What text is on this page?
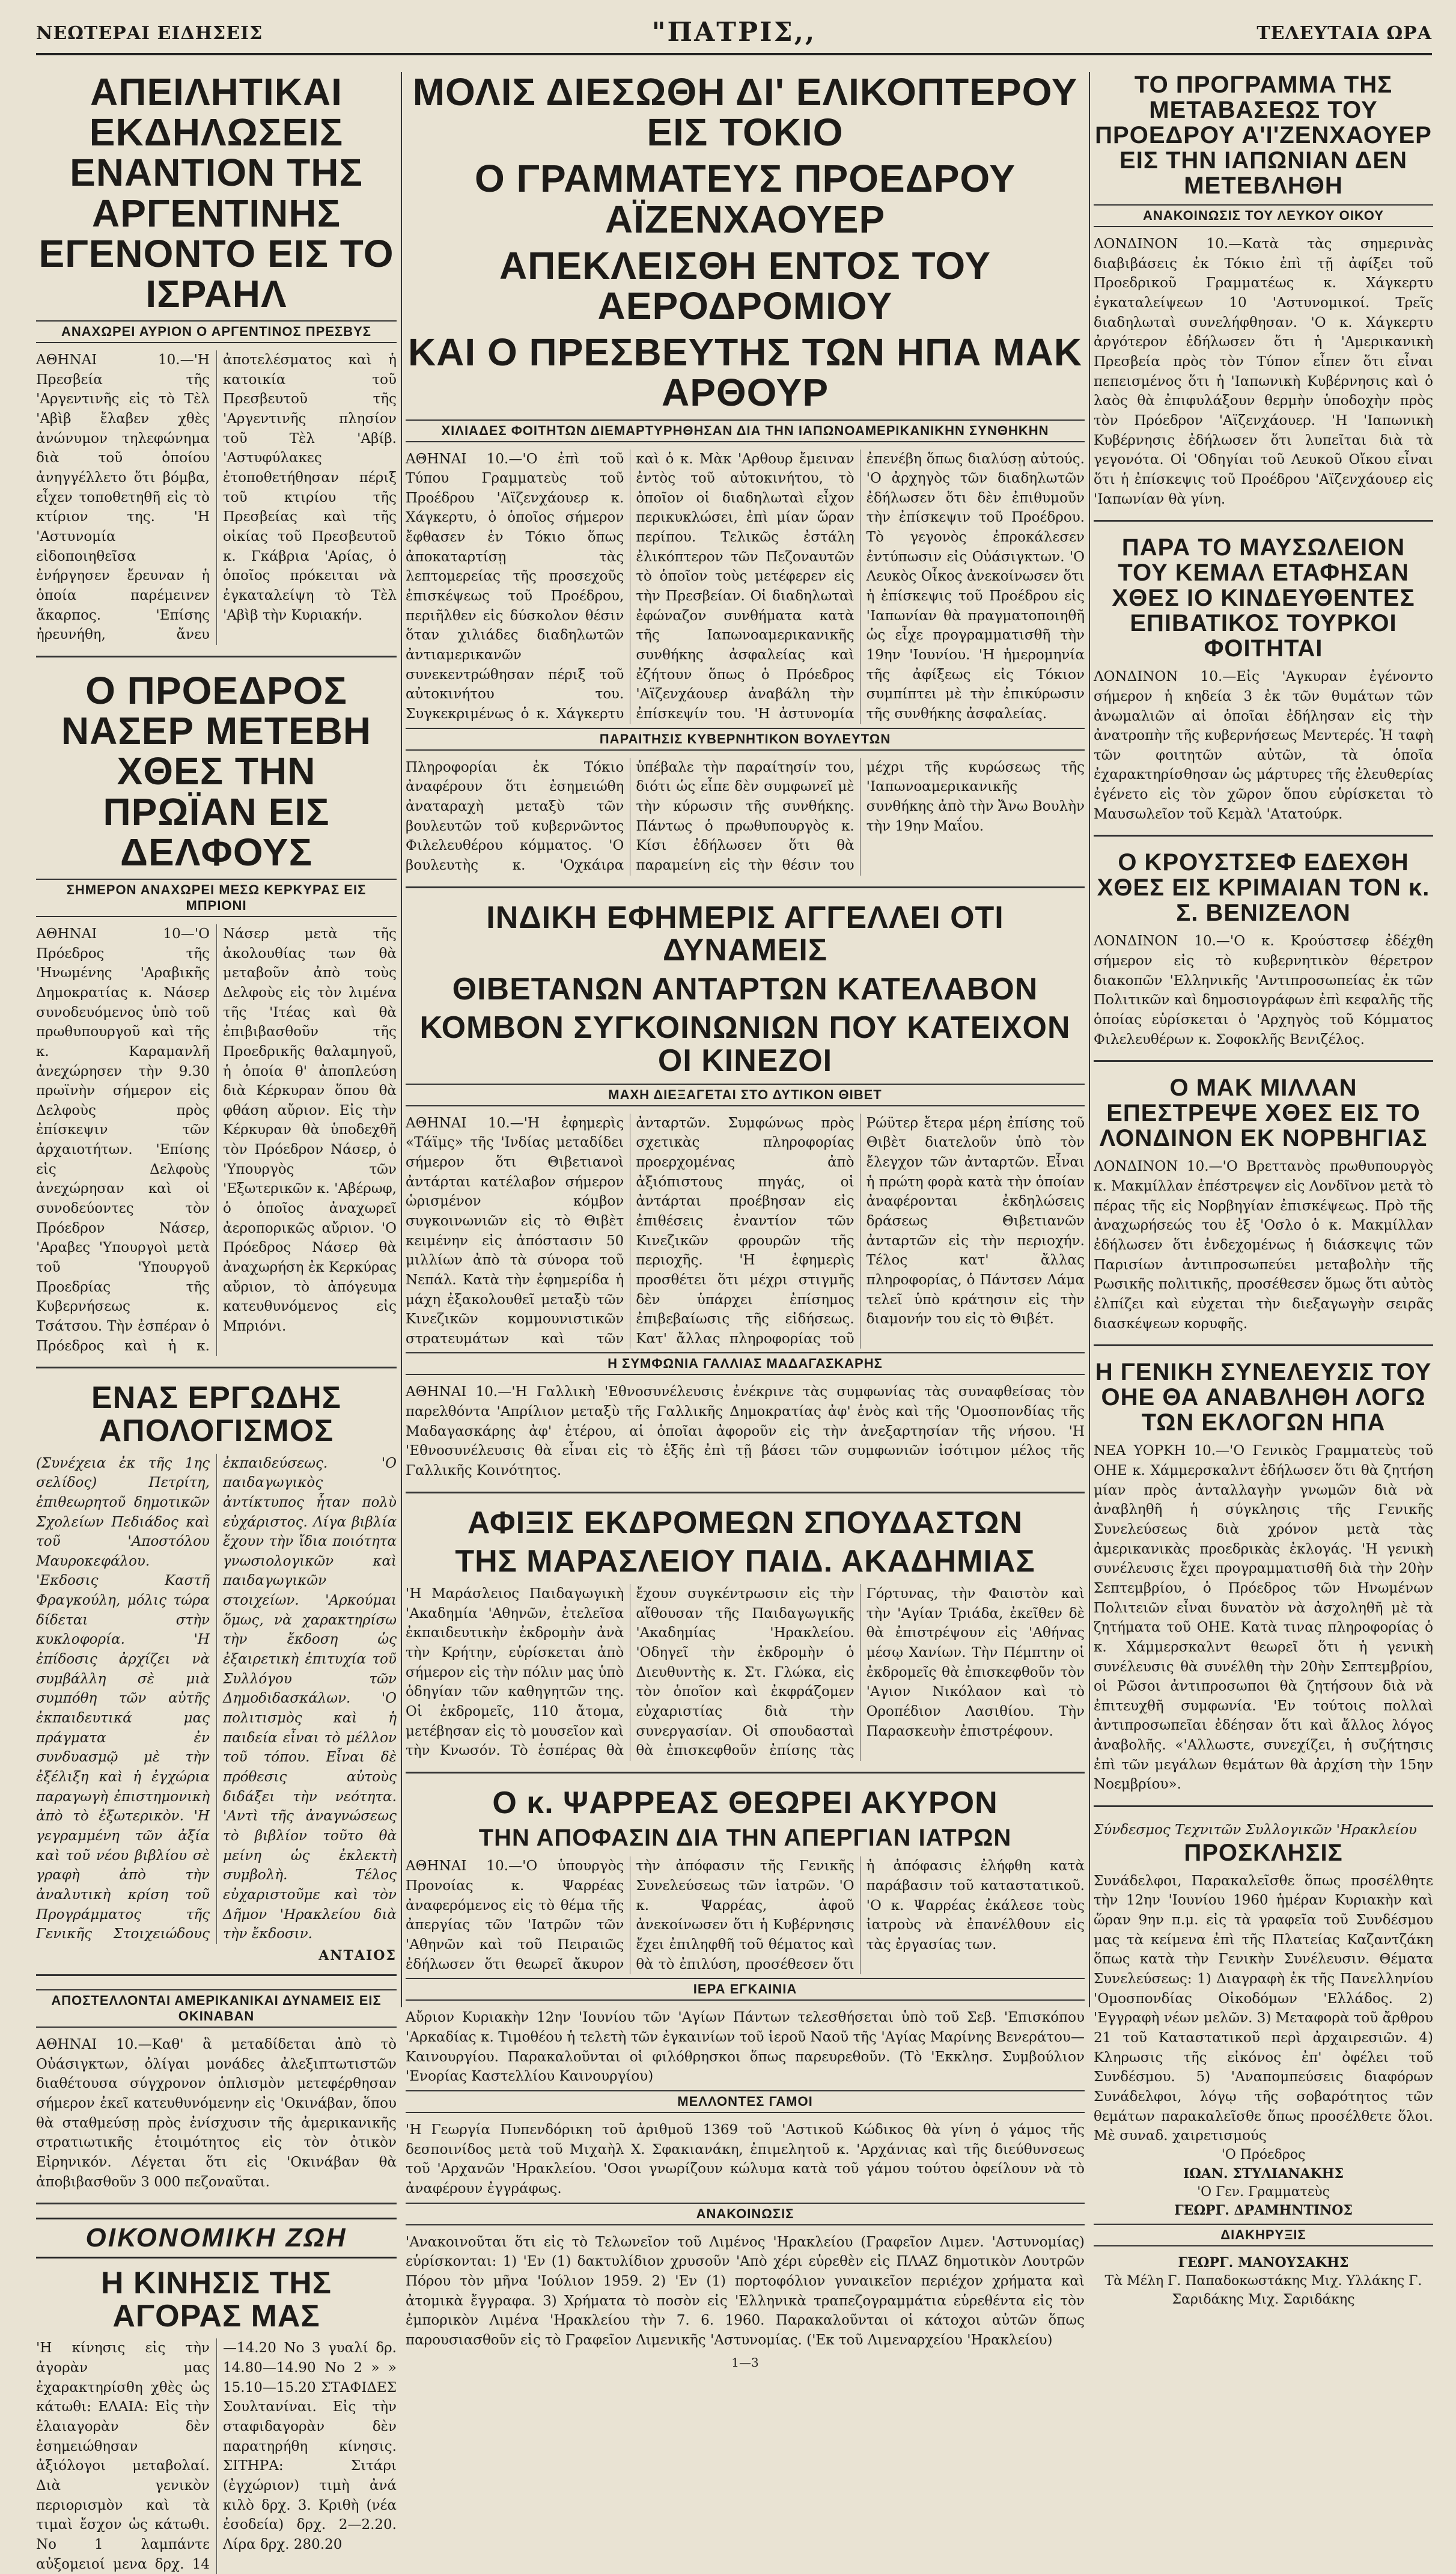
ΝΕΩΤΕΡΑΙ ΕΙΔΗΣΕΙΣ	"ΠΑΤΡΙΣ,,	ΤΕΛΕΥΤΑΙΑ ΩΡΑ
ΑΠΕΙΛΗΤΙΚΑΙ ΕΚΔΗΛΩΣΕΙΣ ΕΝΑΝΤΙΟΝ ΤΗΣ ΑΡΓΕΝΤΙΝΗΣ ΕΓΕΝΟΝΤΟ ΕΙΣ ΤΟ ΙΣΡΑΗΛ
ΑΝΑΧΩΡΕΙ ΑΥΡΙΟΝ Ο ΑΡΓΕΝΤΙΝΟΣ ΠΡΕΣΒΥΣ
ΑΘΗΝΑΙ 10.—'Η Πρεσβεία τῆς 'Αργεντινῆς εἰς τὸ Τὲλ 'Αβὶβ ἔλαβεν χθὲς ἀνώνυμον τηλεφώνημα διὰ τοῦ ὁποίου ἀνηγγέλλετο ὅτι βόμβα, εἶχεν τοποθετηθῆ εἰς τὸ κτίριον της. 'Η 'Αστυνομία εἰδοποιηθεῖσα ἐνήργησεν ἔρευναν ἡ ὁποία παρέμεινεν ἄκαρπος. 'Επίσης ἠρευνήθη, ἄνευ ἀποτελέσματος καὶ ἡ κατοικία τοῦ Πρεσβευτοῦ τῆς 'Αργεντινῆς πλησίον τοῦ Τὲλ 'Αβίβ. 'Αστυφύλακες ἐτοποθετήθησαν πέριξ τοῦ κτιρίου τῆς Πρεσβείας καὶ τῆς οἰκίας τοῦ Πρεσβευτοῦ κ. Γκάβρια 'Αρίας, ὁ ὁποῖος πρόκειται νὰ ἐγκαταλείψη τὸ Τὲλ 'Αβὶβ τὴν Κυριακήν.
Ο ΠΡΟΕΔΡΟΣ ΝΑΣΕΡ ΜΕΤΕΒΗ ΧΘΕΣ ΤΗΝ ΠΡΩΪΑΝ ΕΙΣ ΔΕΛΦΟΥΣ
ΣΗΜΕΡΟΝ ΑΝΑΧΩΡΕΙ ΜΕΣΩ ΚΕΡΚΥΡΑΣ ΕΙΣ ΜΠΡΙΟΝΙ
ΑΘΗΝΑΙ 10—'Ο Πρόεδρος τῆς 'Ηνωμένης 'Αραβικῆς Δημοκρατίας κ. Νάσερ συνοδευόμενος ὑπὸ τοῦ πρωθυπουργοῦ καὶ τῆς κ. Καραμανλῆ ἀνεχώρησεν τὴν 9.30 πρωϊνὴν σήμερον εἰς Δελφοὺς πρὸς ἐπίσκεψιν τῶν ἀρχαιοτήτων. 'Επίσης εἰς Δελφοὺς ἀνεχώρησαν καὶ οἱ συνοδεύοντες τὸν Πρόεδρον Νάσερ, 'Αραβες 'Υπουργοὶ μετὰ τοῦ 'Υπουργοῦ Προεδρίας τῆς Κυβερνήσεως κ. Τσάτσου. Τὴν ἐσπέραν ὁ Πρόεδρος καὶ ἡ κ. Νάσερ μετὰ τῆς ἀκολουθίας των θὰ μεταβοῦν ἀπὸ τοὺς Δελφοὺς εἰς τὸν λιμένα τῆς 'Ιτέας καὶ θὰ ἐπιβιβασθοῦν τῆς Προεδρικῆς θαλαμηγοῦ, ἡ ὁποία θ' ἀποπλεύση διὰ Κέρκυραν ὅπου θὰ φθάση αὔριον. Εἰς τὴν Κέρκυραν θὰ ὑποδεχθῆ τὸν Πρόεδρον Νάσερ, ὁ 'Υπουργὸς τῶν 'Εξωτερικῶν κ. 'Αβέρωφ, ὁ ὁποῖος ἀναχωρεῖ ἀεροπορικῶς αὔριον. 'Ο Πρόεδρος Νάσερ θὰ ἀναχωρήση ἐκ Κερκύρας αὔριον, τὸ ἀπόγευμα κατευθυνόμενος εἰς Μπριόνι.
ΕΝΑΣ ΕΡΓΩΔΗΣ ΑΠΟΛΟΓΙΣΜΟΣ
(Συνέχεια ἐκ τῆς 1ης σελίδος) Πετρίτη, ἐπιθεωρητοῦ δημοτικῶν Σχολείων Πεδιάδος καὶ τοῦ 'Αποστόλου Μαυροκεφάλου. 'Εκδοσις Καστῆ Φραγκούλη, μόλις τώρα δίδεται στὴν κυκλοφορία. 'Η ἐπίδοσις ἀρχίζει νὰ συμβάλλη σὲ μιὰ συμπόθη τῶν αὐτῆς ἐκπαιδευτικά μας πράγματα ἐν συνδυασμῷ μὲ τὴν ἐξέλιξη καὶ ἡ ἐγχώρια παραγωγὴ ἐπιστημονικὴ ἀπὸ τὸ ἐξωτερικὸν. 'Η γεγραμμένη τῶν ἀξία καὶ τοῦ νέου βιβλίου σὲ γραφὴ ἀπὸ τὴν ἀναλυτικὴ κρίση τοῦ Προγράμματος τῆς Γενικῆς Στοιχειώδους ἐκπαιδεύσεως. 'Ο παιδαγωγικὸς ἀντίκτυπος ἦταν πολὺ εὐχάριστος. Λίγα βιβλία ἔχουν τὴν ἴδια ποιότητα γνωσιολογικῶν καὶ παιδαγωγικῶν στοιχείων. 'Αρκούμαι ὅμως, νὰ χαρακτηρίσω τὴν ἔκδοση ὡς ἐξαιρετικὴ ἐπιτυχία τοῦ Συλλόγου τῶν Δημοδιδασκάλων. 'Ο πολιτισμὸς καὶ ἡ παιδεία εἶναι τὸ μέλλον τοῦ τόπου. Εἶναι δὲ πρόθεσις αὐτοὺς διδάξει τὴν νεότητα. 'Αντὶ τῆς ἀναγνώσεως τὸ βιβλίον τοῦτο θὰ μείνη ὡς ἐκλεκτὴ συμβολὴ. Τέλος εὐχαριστοῦμε καὶ τὸν Δῆμον 'Ηρακλείου διὰ τὴν ἔκδοσιν.
ΑΝΤΑΙΟΣ
ΑΠΟΣΤΕΛΛΟΝΤΑΙ ΑΜΕΡΙΚΑΝΙΚΑΙ ΔΥΝΑΜΕΙΣ ΕΙΣ ΟΚΙΝΑΒΑΝ
ΑΘΗΝΑΙ 10.—Καθ' ἃ μεταδίδεται ἀπὸ τὸ Οὐάσιγκτων, ὀλίγαι μονάδες ἀλεξιπτωτιστῶν διαθέτουσα σύγχρονον ὁπλισμὸν μετεφέρθησαν σήμερον ἐκεῖ κατευθυνόμενην εἰς 'Οκινάβαν, ὅπου θὰ σταθμεύσῃ πρὸς ἐνίσχυσιν τῆς ἀμερικανικῆς στρατιωτικῆς ἑτοιμότητος εἰς τὸν ὀτικὸν Εἰρηνικόν. Λέγεται ὅτι εἰς 'Οκινάβαν θὰ ἀποβιβασθοῦν 3 000 πεζοναῦται.
ΟΙΚΟΝΟΜΙΚΗ ΖΩΗ
Η ΚΙΝΗΣΙΣ ΤΗΣ ΑΓΟΡΑΣ ΜΑΣ
'Η κίνησις εἰς τὴν ἀγορὰν μας ἐχαρακτηρίσθη χθὲς ὡς κάτωθι: ΕΛΑΙΑ: Εἰς τὴν ἐλαιαγορὰν δὲν ἐσημειώθησαν ἀξιόλογοι μεταβολαί. Διὰ γενικὸν περιορισμὸν καὶ τὰ τιμαὶ ἔσχον ὡς κάτωθι. Νο 1 λαμπάντε αὐξομειοί μενα δρχ. 14—14.20 Νο 3 γυαλί δρ. 14.80—14.90 Νο 2 » » 15.10—15.20 ΣΤΑΦΙΔΕΣ Σουλτανίναι. Εἰς τὴν σταφιδαγορὰν δὲν παρατηρήθη κίνησις. ΣΙΤΗΡΑ: Σιτάρι (ἐγχώριον) τιμὴ ἀνά κιλὸ δρχ. 3. Κριθὴ (νέα ἐσοδεία) δρχ. 2—2.20. Λίρα δρχ. 280.20
ΜΟΛΙΣ ΔΙΕΣΩΘΗ ΔΙ' ΕΛΙΚΟΠΤΕΡΟΥ ΕΙΣ ΤΟΚΙΟ
Ο ΓΡΑΜΜΑΤΕΥΣ ΠΡΟΕΔΡΟΥ ΑΪΖΕΝΧΑΟΥΕΡ
ΑΠΕΚΛΕΙΣΘΗ ΕΝΤΟΣ ΤΟΥ ΑΕΡΟΔΡΟΜΙΟΥ
ΚΑΙ Ο ΠΡΕΣΒΕΥΤΗΣ ΤΩΝ ΗΠΑ ΜΑΚ ΑΡΘΟΥΡ
ΧΙΛΙΑΔΕΣ ΦΟΙΤΗΤΩΝ ΔΙΕΜΑΡΤΥΡΗΘΗΣΑΝ ΔΙΑ ΤΗΝ ΙΑΠΩΝΟΑΜΕΡΙΚΑΝΙΚΗΝ ΣΥΝΘΗΚΗΝ
ΑΘΗΝΑΙ 10.—'Ο ἐπὶ τοῦ Τύπου Γραμματεὺς τοῦ Προέδρου 'Αϊζενχάουερ κ. Χάγκερτυ, ὁ ὁποῖος σήμερον ἔφθασεν ἐν Τόκιο ὅπως ἀποκαταρτίσῃ τὰς λεπτομερείας τῆς προσεχοῦς ἐπισκέψεως τοῦ Προέδρου, περιῆλθεν εἰς δύσκολον θέσιν ὅταν χιλιάδες διαδηλωτῶν ἀντιαμερικανῶν συνεκεντρώθησαν πέριξ τοῦ αὐτοκινήτου του. Συγκεκριμένως ὁ κ. Χάγκερτυ καὶ ὁ κ. Μὰκ 'Αρθουρ ἔμειναν ἐντὸς τοῦ αὐτοκινήτου, τὸ ὁποῖον οἱ διαδηλωταὶ εἶχον περικυκλώσει, ἐπὶ μίαν ὥραν περίπου. Τελικῶς ἐστάλη ἐλικόπτερον τῶν Πεζοναυτῶν τὸ ὁποῖον τοὺς μετέφερεν εἰς τὴν Πρεσβείαν. Οἱ διαδηλωταὶ ἐφώναζον συνθήματα κατὰ τῆς Ιαπωνοαμερικανικῆς συνθήκης ἀσφαλείας καὶ ἐζήτουν ὅπως ὁ Πρόεδρος 'Αϊζενχάουερ ἀναβάλη τὴν ἐπίσκεψίν του. 'Η ἀστυνομία ἐπενέβη ὅπως διαλύσῃ αὐτούς. 'Ο ἀρχηγὸς τῶν διαδηλωτῶν ἐδήλωσεν ὅτι δὲν ἐπιθυμοῦν τὴν ἐπίσκεψιν τοῦ Προέδρου. Τὸ γεγονὸς ἐπροκάλεσεν ἐντύπωσιν εἰς Οὐάσιγκτων. 'Ο Λευκὸς Οἶκος ἀνεκοίνωσεν ὅτι ἡ ἐπίσκεψις τοῦ Προέδρου εἰς 'Ιαπωνίαν θὰ πραγματοποιηθῆ ὡς εἶχε προγραμματισθῆ τὴν 19ην 'Ιουνίου. 'Η ἡμερομηνία τῆς ἀφίξεως εἰς Τόκιον συμπίπτει μὲ τὴν ἐπικύρωσιν τῆς συνθήκης ἀσφαλείας.
ΠΑΡΑΙΤΗΣΙΣ ΚΥΒΕΡΝΗΤΙΚΟΝ ΒΟΥΛΕΥΤΩΝ
Πληροφορίαι ἐκ Τόκιο ἀναφέρουν ὅτι ἐσημειώθη ἀναταραχὴ μεταξὺ τῶν βουλευτῶν τοῦ κυβερνῶντος Φιλελευθέρου κόμματος. 'Ο βουλευτὴς κ. 'Οχκάιρα ὑπέβαλε τὴν παραίτησίν του, διότι ὡς εἶπε δὲν συμφωνεῖ μὲ τὴν κύρωσιν τῆς συνθήκης. Πάντως ὁ πρωθυπουργὸς κ. Κίσι ἐδήλωσεν ὅτι θὰ παραμείνη εἰς τὴν θέσιν του μέχρι τῆς κυρώσεως τῆς 'Ιαπωνοαμερικανικῆς συνθήκης ἀπὸ τὴν Ἄνω Βουλὴν τὴν 19ην Μαΐου.
ΙΝΔΙΚΗ ΕΦΗΜΕΡΙΣ ΑΓΓΕΛΛΕΙ ΟΤΙ ΔΥΝΑΜΕΙΣ
ΘΙΒΕΤΑΝΩΝ ΑΝΤΑΡΤΩΝ ΚΑΤΕΛΑΒΟΝ
ΚΟΜΒΟΝ ΣΥΓΚΟΙΝΩΝΙΩΝ ΠΟΥ ΚΑΤΕΙΧΟΝ ΟΙ ΚΙΝΕΖΟΙ
ΜΑΧΗ ΔΙΕΞΑΓΕΤΑΙ ΣΤΟ ΔΥΤΙΚΟΝ ΘΙΒΕΤ
ΑΘΗΝΑΙ 10.—'Η ἐφημερὶς «Τάϊμς» τῆς 'Ινδίας μεταδίδει σήμερον ὅτι Θιβετιανοὶ ἀντάρται κατέλαβον σήμερον ὡρισμένον κόμβον συγκοινωνιῶν εἰς τὸ Θιβὲτ κειμένην εἰς ἀπόστασιν 50 μιλλίων ἀπὸ τὰ σύνορα τοῦ Νεπάλ. Κατὰ τὴν ἐφημερίδα ἡ μάχη ἐξακολουθεῖ μεταξὺ τῶν Κινεζικῶν κομμουνιστικῶν στρατευμάτων καὶ τῶν ἀνταρτῶν. Συμφώνως πρὸς σχετικὰς πληροφορίας προερχομένας ἀπὸ ἀξιόπιστους πηγάς, οἱ ἀντάρται προέβησαν εἰς ἐπιθέσεις ἐναντίον τῶν Κινεζικῶν φρουρῶν τῆς περιοχῆς. 'Η ἐφημερὶς προσθέτει ὅτι μέχρι στιγμῆς δὲν ὑπάρχει ἐπίσημος ἐπιβεβαίωσις τῆς εἰδήσεως. Κατ' ἄλλας πληροφορίας τοῦ Ρώϋτερ ἔτερα μέρη ἐπίσης τοῦ Θιβὲτ διατελοῦν ὑπὸ τὸν ἔλεγχον τῶν ἀνταρτῶν. Εἶναι ἡ πρώτη φορὰ κατὰ τὴν ὁποίαν ἀναφέρονται ἐκδηλώσεις δράσεως Θιβετιανῶν ἀνταρτῶν εἰς τὴν περιοχήν. Τέλος κατ' ἄλλας πληροφορίας, ὁ Πάντσεν Λάμα τελεῖ ὑπὸ κράτησιν εἰς τὴν διαμονήν του εἰς τὸ Θιβέτ.
Η ΣΥΜΦΩΝΙΑ ΓΑΛΛΙΑΣ ΜΑΔΑΓΑΣΚΑΡΗΣ
ΑΘΗΝΑΙ 10.—'Η Γαλλικὴ 'Εθνοσυνέλευσις ἐνέκρινε τὰς συμφωνίας τὰς συναφθείσας τὸν παρελθόντα 'Απρίλιον μεταξὺ τῆς Γαλλικῆς Δημοκρατίας ἀφ' ἑνὸς καὶ τῆς 'Ομοσπονδίας τῆς Μαδαγασκάρης ἀφ' ἑτέρου, αἱ ὁποῖαι ἀφοροῦν εἰς τὴν ἀνεξαρτησίαν τῆς νήσου. 'Η 'Εθνοσυνέλευσις θὰ εἶναι εἰς τὸ ἑξῆς ἐπὶ τῇ βάσει τῶν συμφωνιῶν ἰσότιμον μέλος τῆς Γαλλικῆς Κοινότητος.
ΑΦΙΞΙΣ ΕΚΔΡΟΜΕΩΝ ΣΠΟΥΔΑΣΤΩΝ
ΤΗΣ ΜΑΡΑΣΛΕΙΟΥ ΠΑΙΔ. ΑΚΑΔΗΜΙΑΣ
'Η Μαράσλειος Παιδαγωγικὴ 'Ακαδημία 'Αθηνῶν, ἐτελεῖσα ἐκπαιδευτικὴν ἐκδρομὴν ἀνὰ τὴν Κρήτην, εὑρίσκεται ἀπὸ σήμερον εἰς τὴν πόλιν μας ὑπὸ ὁδηγίαν τῶν καθηγητῶν της. Οἱ ἐκδρομεῖς, 110 ἄτομα, μετέβησαν εἰς τὸ μουσεῖον καὶ τὴν Κνωσόν. Τὸ ἑσπέρας θὰ ἔχουν συγκέντρωσιν εἰς τὴν αἴθουσαν τῆς Παιδαγωγικῆς 'Ακαδημίας 'Ηρακλείου. 'Οδηγεῖ τὴν ἐκδρομὴν ὁ Διευθυντὴς κ. Στ. Γλώκα, εἰς τὸν ὁποῖον καὶ ἐκφράζομεν εὐχαριστίας διὰ τὴν συνεργασίαν. Οἱ σπουδασταὶ θὰ ἐπισκεφθοῦν ἐπίσης τὰς Γόρτυνας, τὴν Φαιστὸν καὶ τὴν 'Αγίαν Τριάδα, ἐκεῖθεν δὲ θὰ ἐπιστρέψουν εἰς 'Αθήνας μέσῳ Χανίων. Τὴν Πέμπτην οἱ ἐκδρομεῖς θὰ ἐπισκεφθοῦν τὸν 'Αγιον Νικόλαον καὶ τὸ Οροπέδιον Λασιθίου. Τὴν Παρασκευὴν ἐπιστρέφουν.
Ο κ. ΨΑΡΡΕΑΣ ΘΕΩΡΕΙ ΑΚΥΡΟΝ
ΤΗΝ ΑΠΟΦΑΣΙΝ ΔΙΑ ΤΗΝ ΑΠΕΡΓΙΑΝ ΙΑΤΡΩΝ
ΑΘΗΝΑΙ 10.—'Ο ὑπουργὸς Προνοίας κ. Ψαρρέας ἀναφερόμενος εἰς τὸ θέμα τῆς ἀπεργίας τῶν 'Ιατρῶν τῶν 'Αθηνῶν καὶ τοῦ Πειραιῶς ἐδήλωσεν ὅτι θεωρεῖ ἄκυρον τὴν ἀπόφασιν τῆς Γενικῆς Συνελεύσεως τῶν ἰατρῶν. 'Ο κ. Ψαρρέας, ἀφοῦ ἀνεκοίνωσεν ὅτι ἡ Κυβέρνησις ἔχει ἐπιληφθῆ τοῦ θέματος καὶ θὰ τὸ ἐπιλύση, προσέθεσεν ὅτι ἡ ἀπόφασις ἐλήφθη κατὰ παράβασιν τοῦ καταστατικοῦ. 'Ο κ. Ψαρρέας ἐκάλεσε τοὺς ἰατροὺς νὰ ἐπανέλθουν εἰς τὰς ἐργασίας των.
ΙΕΡΑ ΕΓΚΑΙΝΙΑ
Αὔριον Κυριακὴν 12ην 'Ιουνίου τῶν 'Αγίων Πάντων τελεσθήσεται ὑπὸ τοῦ Σεβ. 'Επισκόπου 'Αρκαδίας κ. Τιμοθέου ἡ τελετὴ τῶν ἐγκαινίων τοῦ ἱεροῦ Ναοῦ τῆς 'Αγίας Μαρίνης Βενεράτου—Καινουργίου. Παρακαλοῦνται οἱ φιλόθρησκοι ὅπως παρευρεθοῦν. (Τὸ 'Εκκλησ. Συμβούλιον 'Ενορίας Καστελλίου Καινουργίου)
ΜΕΛΛΟΝΤΕΣ ΓΑΜΟΙ
'Η Γεωργία Πυπενδόρικη τοῦ ἀριθμοῦ 1369 τοῦ 'Αστικοῦ Κώδικος θὰ γίνη ὁ γάμος τῆς δεσποινίδος μετὰ τοῦ Μιχαὴλ Χ. Σφακιανάκη, ἐπιμελητοῦ κ. 'Αρχάνιας καὶ τῆς διεύθυνσεως τοῦ 'Αρχανῶν 'Ηρακλείου. 'Οσοι γνωρίζουν κώλυμα κατὰ τοῦ γάμου τούτου ὀφείλουν νὰ τὸ ἀναφέρουν ἐγγράφως.
ΑΝΑΚΟΙΝΩΣΙΣ
'Ανακοινοῦται ὅτι εἰς τὸ Τελωνεῖον τοῦ Λιμένος 'Ηρακλείου (Γραφεῖον Λιμεν. 'Αστυνομίας) εὑρίσκονται: 1) 'Εν (1) δακτυλίδιον χρυσοῦν 'Απὸ χέρι εὑρεθὲν εἰς ΠΛΑΖ δημοτικὸν Λουτρῶν Πόρου τὸν μῆνα 'Ιούλιον 1959. 2) 'Εν (1) πορτοφόλιον γυναικεῖον περιέχον χρήματα καὶ ἀτομικὰ ἔγγραφα. 3) Χρήματα τὸ ποσὸν εἰς 'Ελληνικὰ τραπεζογραμμάτια εὑρεθέντα εἰς τὸν ἐμπορικὸν Λιμένα 'Ηρακλείου τὴν 7. 6. 1960. Παρακαλοῦνται οἱ κάτοχοι αὐτῶν ὅπως παρουσιασθοῦν εἰς τὸ Γραφεῖον Λιμενικῆς 'Αστυνομίας. ('Εκ τοῦ Λιμεναρχείου 'Ηρακλείου)
1—3
ΤΟ ΠΡΟΓΡΑΜΜΑ ΤΗΣ ΜΕΤΑΒΑΣΕΩΣ ΤΟΥ ΠΡΟΕΔΡΟΥ Α'Ι'ΖΕΝΧΑΟΥΕΡ ΕΙΣ ΤΗΝ ΙΑΠΩΝΙΑΝ ΔΕΝ ΜΕΤΕΒΛΗΘΗ
ΑΝΑΚΟΙΝΩΣΙΣ ΤΟΥ ΛΕΥΚΟΥ ΟΙΚΟΥ
ΛΟΝΔΙΝΟΝ 10.—Κατὰ τὰς σημερινὰς διαβιβάσεις ἐκ Τόκιο ἐπὶ τῇ ἀφίξει τοῦ Προεδρικοῦ Γραμματέως κ. Χάγκερτυ ἐγκαταλείψεων 10 'Αστυνομικοί. Τρεῖς διαδηλωταὶ συνελήφθησαν. 'Ο κ. Χάγκερτυ ἀργότερον ἐδήλωσεν ὅτι ἡ 'Αμερικανικὴ Πρεσβεία πρὸς τὸν Τύπον εἶπεν ὅτι εἶναι πεπεισμένος ὅτι ἡ 'Ιαπωνικὴ Κυβέρνησις καὶ ὁ λαὸς θὰ ἐπιφυλάξουν θερμὴν ὑποδοχὴν πρὸς τὸν Πρόεδρον 'Αϊζενχάουερ. 'Η 'Ιαπωνικὴ Κυβέρνησις ἐδήλωσεν ὅτι λυπεῖται διὰ τὰ γεγονότα. Οἱ 'Οδηγίαι τοῦ Λευκοῦ Οἴκου εἶναι ὅτι ἡ ἐπίσκεψις τοῦ Προέδρου 'Αϊζενχάουερ εἰς 'Ιαπωνίαν θὰ γίνη.
ΠΑΡΑ ΤΟ ΜΑΥΣΩΛΕΙΟΝ ΤΟΥ ΚΕΜΑΛ ΕΤΑΦΗΣΑΝ ΧΘΕΣ ΙΟ ΚΙΝΔΕΥΘΕΝΤΕΣ ΕΠΙΒΑΤΙΚΟΣ ΤΟΥΡΚΟΙ ΦΟΙΤΗΤΑΙ
ΛΟΝΔΙΝΟΝ 10.—Εἰς 'Αγκυραν ἐγένοντο σήμερον ἡ κηδεία 3 ἐκ τῶν θυμάτων τῶν ἀνωμαλιῶν αἱ ὁποῖαι ἐδήλησαν εἰς τὴν ἀνατροπὴν τῆς κυβερνήσεως Μεντερές. Ἡ ταφὴ τῶν φοιτητῶν αὐτῶν, τὰ ὁποῖα ἐχαρακτηρίσθησαν ὡς μάρτυρες τῆς ἐλευθερίας ἐγένετο εἰς τὸν χῶρον ὅπου εὑρίσκεται τὸ Μαυσωλεῖον τοῦ Κεμὰλ 'Ατατούρκ.
Ο ΚΡΟΥΣΤΣΕΦ ΕΔΕΧΘΗ ΧΘΕΣ ΕΙΣ ΚΡΙΜΑΙΑΝ ΤΟΝ κ. Σ. ΒΕΝΙΖΕΛΟΝ
ΛΟΝΔΙΝΟΝ 10.—'Ο κ. Κρούστσεφ ἐδέχθη σήμερον εἰς τὸ κυβερνητικὸν θέρετρον διακοπῶν 'Ελληνικῆς 'Αντιπροσωπείας ἐκ τῶν Πολιτικῶν καὶ δημοσιογράφων ἐπὶ κεφαλῆς τῆς ὁποίας εὑρίσκεται ὁ 'Αρχηγὸς τοῦ Κόμματος Φιλελευθέρων κ. Σοφοκλῆς Βενιζέλος.
Ο ΜΑΚ ΜΙΛΛΑΝ ΕΠΕΣΤΡΕΨΕ ΧΘΕΣ ΕΙΣ ΤΟ ΛΟΝΔΙΝΟΝ ΕΚ ΝΟΡΒΗΓΙΑΣ
ΛΟΝΔΙΝΟΝ 10.—'Ο Βρεττανὸς πρωθυπουργὸς κ. Μακμίλλαν ἐπέστρεψεν εἰς Λονδῖνον μετὰ τὸ πέρας τῆς εἰς Νορβηγίαν ἐπισκέψεως. Πρὸ τῆς ἀναχωρήσεώς του ἐξ 'Οσλο ὁ κ. Μακμίλλαν ἐδήλωσεν ὅτι ἐνδεχομένως ἡ διάσκεψις τῶν Παρισίων ἀντιπροσωπεύει μεταβολὴν τῆς Ρωσικῆς πολιτικῆς, προσέθεσεν ὅμως ὅτι αὐτὸς ἐλπίζει καὶ εὐχεται τὴν διεξαγωγὴν σειρᾶς διασκέψεων κορυφῆς.
Η ΓΕΝΙΚΗ ΣΥΝΕΛΕΥΣΙΣ ΤΟΥ ΟΗΕ ΘΑ ΑΝΑΒΛΗΘΗ ΛΟΓΩ ΤΩΝ ΕΚΛΟΓΩΝ ΗΠΑ
ΝΕΑ ΥΟΡΚΗ 10.—'Ο Γενικὸς Γραμματεὺς τοῦ ΟΗΕ κ. Χάμμερσκαλντ ἐδήλωσεν ὅτι θὰ ζητήση μίαν πρὸς ἀνταλλαγὴν γνωμῶν διὰ νὰ ἀναβληθῆ ἡ σύγκλησις τῆς Γενικῆς Συνελεύσεως διὰ χρόνον μετὰ τὰς ἀμερικανικὰς προεδρικὰς ἐκλογάς. 'Η γενικὴ συνέλευσις ἔχει προγραμματισθῆ διὰ τὴν 20ὴν Σεπτεμβρίου, ὁ Πρόεδρος τῶν Ηνωμένων Πολιτειῶν εἶναι δυνατὸν νὰ ἀσχοληθῆ μὲ τὰ ζητήματα τοῦ ΟΗΕ. Κατὰ τινας πληροφορίας ὁ κ. Χάμμερσκαλντ θεωρεῖ ὅτι ἡ γενικὴ συνέλευσις θὰ συνέλθη τὴν 20ὴν Σεπτεμβρίου, οἱ Ρῶσοι ἀντιπροσωποι θὰ ζητήσουν διὰ νὰ ἐπιτευχθῆ συμφωνία. 'Εν τούτοις πολλαὶ ἀντιπροσωπεῖαι ἐδέησαν ὅτι καὶ ἄλλος λόγος ἀναβολῆς. «'Αλλωστε, συνεχίζει, ἡ συζήτησις ἐπὶ τῶν μεγάλων θεμάτων θὰ ἀρχίση τὴν 15ην Νοεμβρίου».
Σύνδεσμος Τεχνιτῶν Συλλογικῶν 'Ηρακλείου
ΠΡΟΣΚΛΗΣΙΣ
Συνάδελφοι, Παρακαλεῖσθε ὅπως προσέλθητε τὴν 12ην 'Ιουνίου 1960 ἡμέραν Κυριακὴν καὶ ὥραν 9ην π.μ. εἰς τὰ γραφεῖα τοῦ Συνδέσμου μας τὰ κείμενα ἐπὶ τῆς Πλατείας Καζαντζάκη ὅπως κατὰ τὴν Γενικὴν Συνέλευσιν. Θέματα Συνελεύσεως: 1) Διαγραφὴ ἐκ τῆς Πανελληνίου 'Ομοσπονδίας Οἰκοδόμων 'Ελλάδος. 2) 'Εγγραφὴ νέων μελῶν. 3) Μεταφορὰ τοῦ ἄρθρου 21 τοῦ Καταστατικοῦ περὶ ἀρχαιρεσιῶν. 4) Κληρωσις τῆς εἰκόνος ἐπ' ὀφέλει τοῦ Συνδέσμου. 5) 'Αναπομπεύσεις διαφόρων Συνάδελφοι, λόγῳ τῆς σοβαρότητος τῶν θεμάτων παρακαλεῖσθε ὅπως προσέλθετε ὅλοι. Μὲ συναδ. χαιρετισμούς
'Ο Πρόεδρος
ΙΩΑΝ. ΣΤΥΛΙΑΝΑΚΗΣ
'Ο Γεν. Γραμματεὺς
ΓΕΩΡΓ. ΔΡΑΜΗΝΤΙΝΟΣ
ΔΙΑΚΗΡΥΞΙΣ
ΓΕΩΡΓ. ΜΑΝΟΥΣΑΚΗΣ
Τὰ Μέλη Γ. Παπαδοκωστάκης Μιχ. Υλλάκης Γ. Σαριδάκης Μιχ. Σαριδάκης
